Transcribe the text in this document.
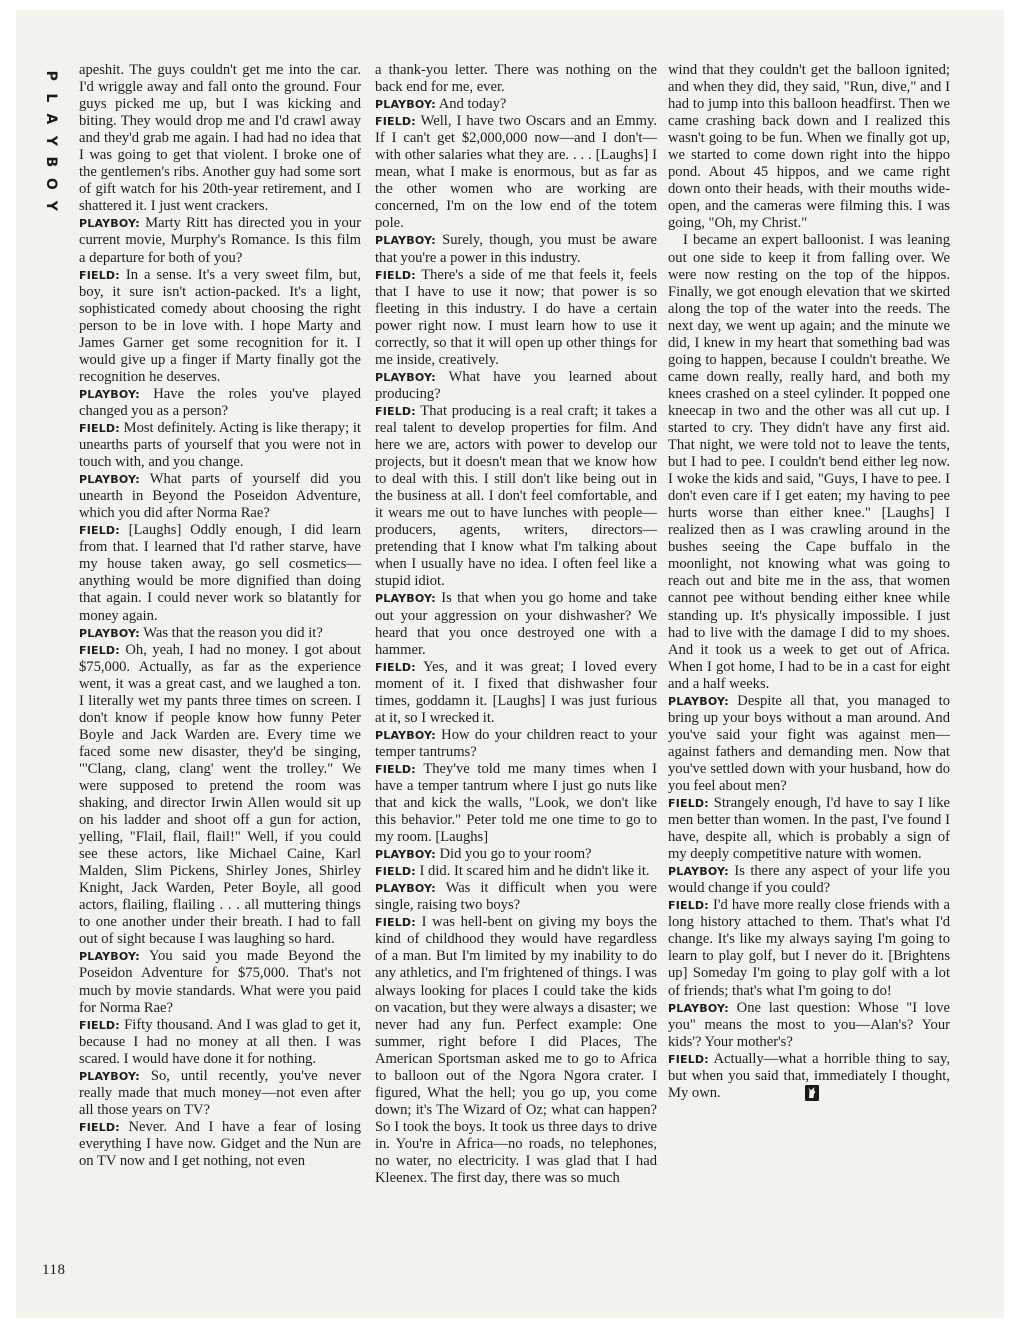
P
L
A
Y
B
O
Y

apeshit. The guys couldn't get me into the car. I'd wriggle away and fall onto the ground. Four guys picked me up, but I was kicking and biting. They would drop me and I'd crawl away and they'd grab me again. I had had no idea that I was going to get that violent. I broke one of the gentlemen's ribs. Another guy had some sort of gift watch for his 20th-year retirement, and I shattered it. I just went crackers.

PLAYBOY: Marty Ritt has directed you in your current movie, Murphy's Romance. Is this film a departure for both of you?

FIELD: In a sense. It's a very sweet film, but, boy, it sure isn't action-packed. It's a light, sophisticated comedy about choosing the right person to be in love with. I hope Marty and James Garner get some recognition for it. I would give up a finger if Marty finally got the recognition he deserves.

PLAYBOY: Have the roles you've played changed you as a person?

FIELD: Most definitely. Acting is like therapy; it unearths parts of yourself that you were not in touch with, and you change.

PLAYBOY: What parts of yourself did you unearth in Beyond the Poseidon Adventure, which you did after Norma Rae?

FIELD: [Laughs] Oddly enough, I did learn from that. I learned that I'd rather starve, have my house taken away, go sell cosmetics—anything would be more dignified than doing that again. I could never work so blatantly for money again.

PLAYBOY: Was that the reason you did it?

FIELD: Oh, yeah, I had no money. I got about $75,000. Actually, as far as the experience went, it was a great cast, and we laughed a ton. I literally wet my pants three times on screen. I don't know if people know how funny Peter Boyle and Jack Warden are. Every time we faced some new disaster, they'd be singing, "'Clang, clang, clang' went the trolley." We were supposed to pretend the room was shaking, and director Irwin Allen would sit up on his ladder and shoot off a gun for action, yelling, "Flail, flail, flail!" Well, if you could see these actors, like Michael Caine, Karl Malden, Slim Pickens, Shirley Jones, Shirley Knight, Jack Warden, Peter Boyle, all good actors, flailing, flailing . . . all muttering things to one another under their breath. I had to fall out of sight because I was laughing so hard.

PLAYBOY: You said you made Beyond the Poseidon Adventure for $75,000. That's not much by movie standards. What were you paid for Norma Rae?

FIELD: Fifty thousand. And I was glad to get it, because I had no money at all then. I was scared. I would have done it for nothing.

PLAYBOY: So, until recently, you've never really made that much money—not even after all those years on TV?

FIELD: Never. And I have a fear of losing everything I have now. Gidget and the Nun are on TV now and I get nothing, not even

a thank-you letter. There was nothing on the back end for me, ever.

PLAYBOY: And today?

FIELD: Well, I have two Oscars and an Emmy. If I can't get $2,000,000 now—and I don't—with other salaries what they are. . . . [Laughs] I mean, what I make is enormous, but as far as the other women who are working are concerned, I'm on the low end of the totem pole.

PLAYBOY: Surely, though, you must be aware that you're a power in this industry.

FIELD: There's a side of me that feels it, feels that I have to use it now; that power is so fleeting in this industry. I do have a certain power right now. I must learn how to use it correctly, so that it will open up other things for me inside, creatively.

PLAYBOY: What have you learned about producing?

FIELD: That producing is a real craft; it takes a real talent to develop properties for film. And here we are, actors with power to develop our projects, but it doesn't mean that we know how to deal with this. I still don't like being out in the business at all. I don't feel comfortable, and it wears me out to have lunches with people—producers, agents, writers, directors—pretending that I know what I'm talking about when I usually have no idea. I often feel like a stupid idiot.

PLAYBOY: Is that when you go home and take out your aggression on your dishwasher? We heard that you once destroyed one with a hammer.

FIELD: Yes, and it was great; I loved every moment of it. I fixed that dishwasher four times, goddamn it. [Laughs] I was just furious at it, so I wrecked it.

PLAYBOY: How do your children react to your temper tantrums?

FIELD: They've told me many times when I have a temper tantrum where I just go nuts like that and kick the walls, "Look, we don't like this behavior." Peter told me one time to go to my room. [Laughs]

PLAYBOY: Did you go to your room?

FIELD: I did. It scared him and he didn't like it.

PLAYBOY: Was it difficult when you were single, raising two boys?

FIELD: I was hell-bent on giving my boys the kind of childhood they would have regardless of a man. But I'm limited by my inability to do any athletics, and I'm frightened of things. I was always looking for places I could take the kids on vacation, but they were always a disaster; we never had any fun. Perfect example: One summer, right before I did Places, The American Sportsman asked me to go to Africa to balloon out of the Ngora Ngora crater. I figured, What the hell; you go up, you come down; it's The Wizard of Oz; what can happen? So I took the boys. It took us three days to drive in. You're in Africa—no roads, no telephones, no water, no electricity. I was glad that I had Kleenex. The first day, there was so much

wind that they couldn't get the balloon ignited; and when they did, they said, "Run, dive," and I had to jump into this balloon headfirst. Then we came crashing back down and I realized this wasn't going to be fun. When we finally got up, we started to come down right into the hippo pond. About 45 hippos, and we came right down onto their heads, with their mouths wide-open, and the cameras were filming this. I was going, "Oh, my Christ."

I became an expert balloonist. I was leaning out one side to keep it from falling over. We were now resting on the top of the hippos. Finally, we got enough elevation that we skirted along the top of the water into the reeds. The next day, we went up again; and the minute we did, I knew in my heart that something bad was going to happen, because I couldn't breathe. We came down really, really hard, and both my knees crashed on a steel cylinder. It popped one kneecap in two and the other was all cut up. I started to cry. They didn't have any first aid. That night, we were told not to leave the tents, but I had to pee. I couldn't bend either leg now. I woke the kids and said, "Guys, I have to pee. I don't even care if I get eaten; my having to pee hurts worse than either knee." [Laughs] I realized then as I was crawling around in the bushes seeing the Cape buffalo in the moonlight, not knowing what was going to reach out and bite me in the ass, that women cannot pee without bending either knee while standing up. It's physically impossible. I just had to live with the damage I did to my shoes. And it took us a week to get out of Africa. When I got home, I had to be in a cast for eight and a half weeks.

PLAYBOY: Despite all that, you managed to bring up your boys without a man around. And you've said your fight was against men—against fathers and demanding men. Now that you've settled down with your husband, how do you feel about men?

FIELD: Strangely enough, I'd have to say I like men better than women. In the past, I've found I have, despite all, which is probably a sign of my deeply competitive nature with women.

PLAYBOY: Is there any aspect of your life you would change if you could?

FIELD: I'd have more really close friends with a long history attached to them. That's what I'd change. It's like my always saying I'm going to learn to play golf, but I never do it. [Brightens up] Someday I'm going to play golf with a lot of friends; that's what I'm going to do!

PLAYBOY: One last question: Whose "I love you" means the most to you—Alan's? Your kids'? Your mother's?

FIELD: Actually—what a horrible thing to say, but when you said that, immediately I thought, My own.

118
